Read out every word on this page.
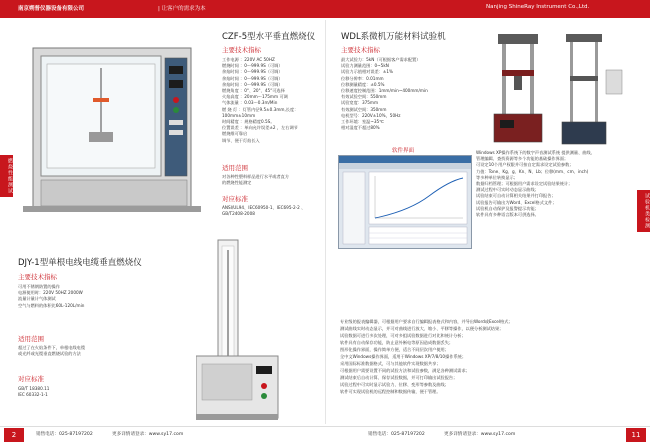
南京朔普仪器设备有限公司	| 让客户的需求为本	Nanjing ShineRay Instrument Co.,Ltd.
燃烧性能测试
试验机类检测
CZF-5型水平垂直燃烧仪
主要技术指标
工作电源 ：220V AC 50HZ
燃烧时间 ：0～999.9S（可调）
余焰时间 ：0～999.9S（可调）
余焰时间 ：0～999.9S（可调）
余焰时间 ：0～999.9S（可调）
燃烧角度 ：0°、20°、45°可选择
火焰高度 ：20mm～175mm 可调
气体流量 ：0.03～0.3m/Min
燃 烧 灯 ：灯管内径9.5±0.3mm,长度：100mm±10mm
时间精度 ：规格精度0.5S。
位置误差 ：单向允许误差±2 ，左右调节
燃烧维可靠启
调节、便于灯焰长入
适用范围
对各种性塑料样品进行水平或者直方
的燃烧性能测定
对应标准
ANSI/UL94、IEC60950-1、IEC695-2-2 、
GB/T2408-2008
DJY-1型单根电线电缆垂直燃烧仪
主要技术指标
可用不锈钢防置的操作
电源使用时：220V 50HZ 2000W
流量计量计气体测试
空气与燃料的体积比60L-120L/min
适用范围
超过了在火焰条件下，单根电线电缆
或光纤或光缆垂直燃烧试验的方法
对应标准
GB/T 18380.11
IEC 60332-1-1
WDL系微机万能材料试验机
主要技术指标
最大试验力：5kN（可根据客户需求配置）
试验力测量范围：0~5kN
试验力示值相对误差：±1%
位移分辨率：0.01mm
位移测量精度：±0.5%
位移速度控制范围：1mm/min~400mm/min
有效试验空间：550mm
试验宽度：375mm
有效测试空间：350mm
电机型号：220V±10%，50Hz
工作环境：室温~35℃
相对湿度不超过80%
软件界面	Windows XP操作系统下的数字声音测试系统 提供测量、曲线、
管理编辑、查找资源等多个功能的基础操作界面；
可设定10个用户权限并可按自定需求设定试验参数；
力值：Tone、Kg、g、Kn、N、Lb；位移(mm、cm、inch)
等多种单位转换显示；
数据归档管理；可根据用户需求设定试验结果统计；
测试过程中可实时动态显示曲线；
试验结束可自动计算相关结果并打印报告；
试验报告可输出为Word、Excel格式文件；
试验机自动保护及报警提示功能；
软件具有多种语言版本可供选择。
专业级的报表编辑器，可根据用户要求自行编辑报表格式和内容，并导出Word或Excel格式；
测试曲线实时动态显示，并可对曲线进行放大、缩小、平移等操作，以便分析测试结果；
试验数据可进行多次处理，可对多组试验数据进行对比和统计分析；
软件具有自动保存功能，防止意外断电等原因造成数据丢失；
图形化操作界面，操作简单方便，适合不同层次用户使用；
全中文Windows操作界面，适用于Windows XP/7/8/10操作系统；
采用国际标准数据格式，可与其他软件实现数据共享；
可根据用户需要设置不同的试验方法和试验参数，满足各种测试需求；
测试结束后自动计算、保存试验数据，并可打印输出试验报告；
试验过程中可实时显示试验力、位移、变形等参数及曲线；
软件可实现试验机的远程控制和数据传输，便于管理。
2	销售电话：025-87197202	更多详情请登录：www.sy17.com	销售电话：025-87197202	更多详情请登录：www.sy17.com	11
